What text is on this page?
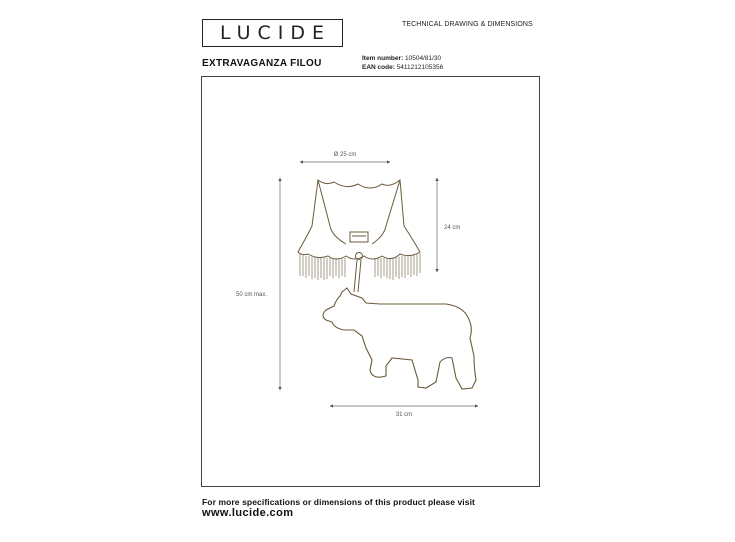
LUCIDE	TECHNICAL DRAWING & DIMENSIONS
EXTRAVAGANZA FILOU	Item number: 10504/81/30
EAN code: 5411212105356
Ø 25 cm
24 cm
50 cm max.
31 cm
For more specifications or dimensions of this product please visit
www.lucide.com
